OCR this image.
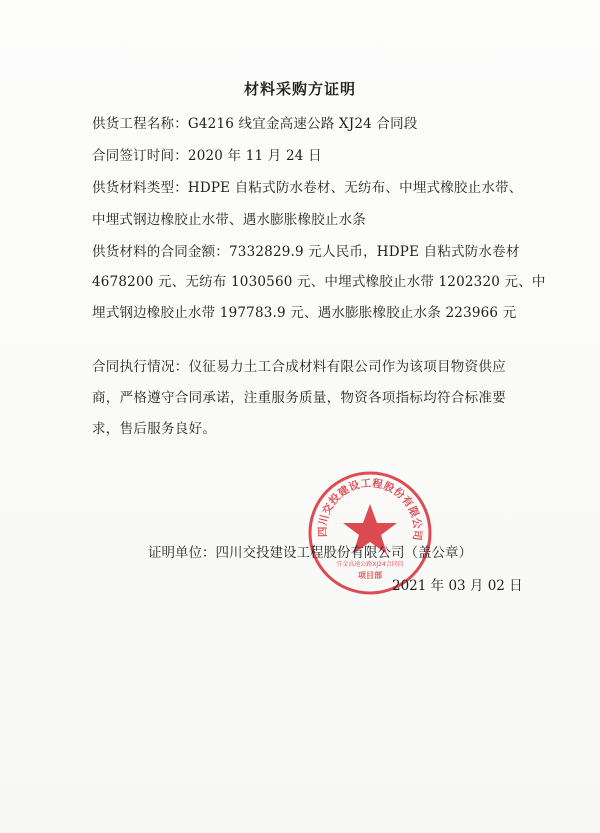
材料采购方证明
供货工程名称：G4216 线宜金高速公路 XJ24 合同段
合同签订时间：2020 年 11 月 24 日
供货材料类型：HDPE 自粘式防水卷材、无纺布、中埋式橡胶止水带、
中埋式钢边橡胶止水带、遇水膨胀橡胶止水条
供货材料的合同金额：7332829.9 元人民币，HDPE 自粘式防水卷材
4678200 元、无纺布 1030560 元、中埋式橡胶止水带 1202320 元、中
埋式钢边橡胶止水带 197783.9 元、遇水膨胀橡胶止水条 223966 元
合同执行情况：仪征易力土工合成材料有限公司作为该项目物资供应商，严格遵守合同承诺，注重服务质量，物资各项指标均符合标准要求，售后服务良好。
四川交投建设工程股份有限公司
宜金高速公路XJ24合同段
项目部
证明单位：四川交投建设工程股份有限公司（盖公章）
2021 年 03 月 02 日
